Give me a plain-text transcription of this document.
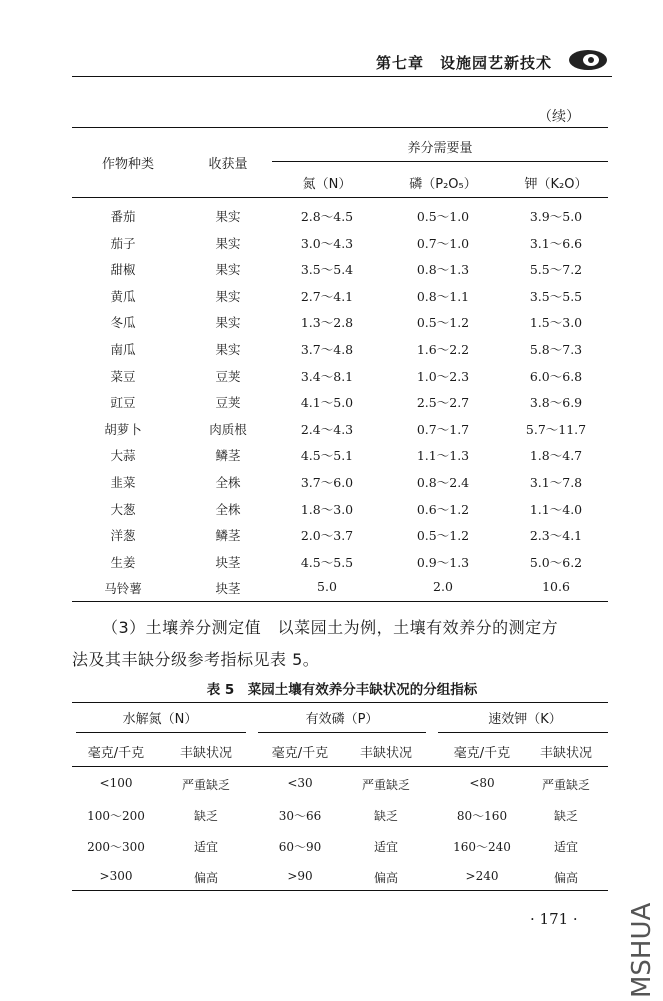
第七章　设施园艺新技术
（续）
作物种类	收获量
养分需要量
氮（N）	磷（P₂O₅）	钾（K₂O）
番茄	果实	2.8～4.5	0.5～1.0	3.9～5.0
茄子	果实	3.0～4.3	0.7～1.0	3.1～6.6
甜椒	果实	3.5～5.4	0.8～1.3	5.5～7.2
黄瓜	果实	2.7～4.1	0.8～1.1	3.5～5.5
冬瓜	果实	1.3～2.8	0.5～1.2	1.5～3.0
南瓜	果实	3.7～4.8	1.6～2.2	5.8～7.3
菜豆	豆荚	3.4～8.1	1.0～2.3	6.0～6.8
豇豆	豆荚	4.1～5.0	2.5～2.7	3.8～6.9
胡萝卜	肉质根	2.4～4.3	0.7～1.7	5.7～11.7
大蒜	鳞茎	4.5～5.1	1.1～1.3	1.8～4.7
韭菜	全株	3.7～6.0	0.8～2.4	3.1～7.8
大葱	全株	1.8～3.0	0.6～1.2	1.1～4.0
洋葱	鳞茎	2.0～3.7	0.5～1.2	2.3～4.1
生姜	块茎	4.5～5.5	0.9～1.3	5.0～6.2
马铃薯	块茎	5.0	2.0	10.6
（3）土壤养分测定值　以菜园土为例，土壤有效养分的测定方
法及其丰缺分级参考指标见表 5。
表 5　菜园土壤有效养分丰缺状况的分组指标
水解氮（N）	有效磷（P）	速效钾（K）
毫克/千克	丰缺状况	毫克/千克	丰缺状况	毫克/千克	丰缺状况
<100	严重缺乏	<30	严重缺乏	<80	严重缺乏
100～200	缺乏	30～66	缺乏	80～160	缺乏
200～300	适宜	60～90	适宜	160～240	适宜
>300	偏高	>90	偏高	>240	偏高
· 171 · MSHUA
